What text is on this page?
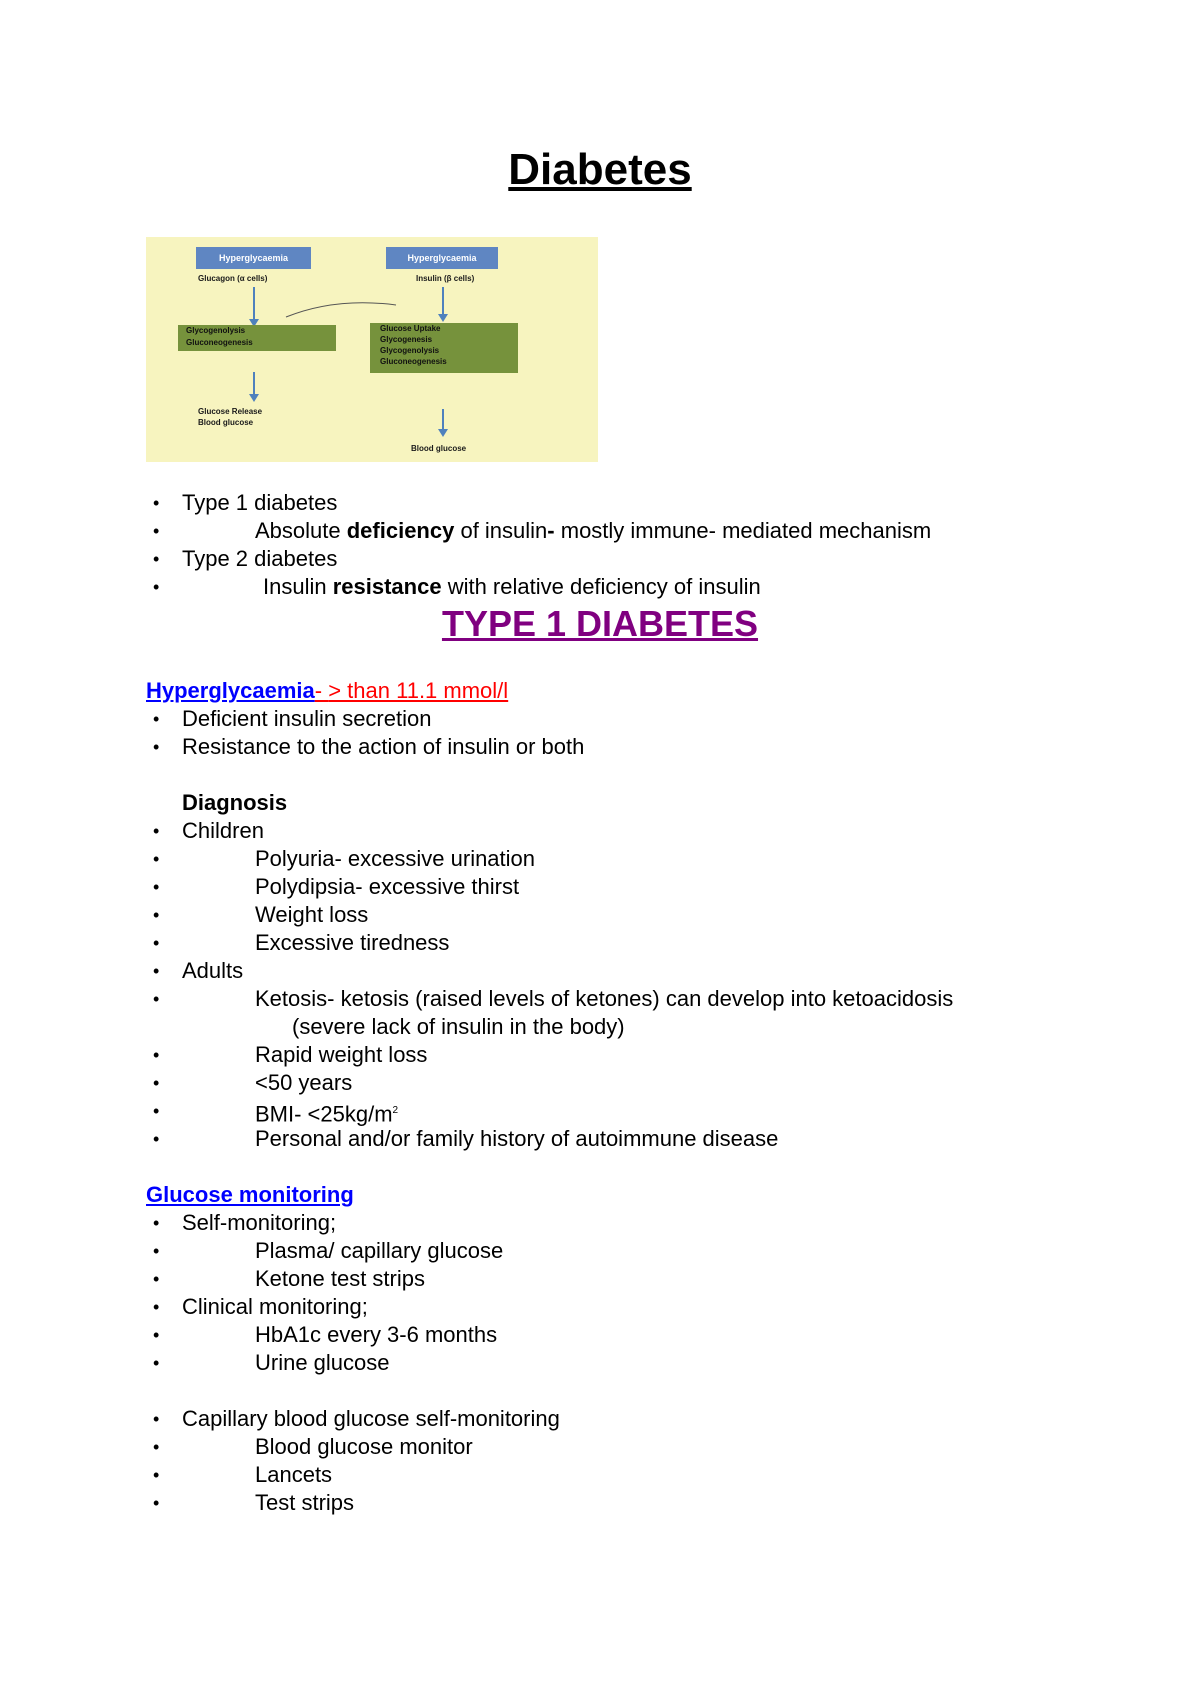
Diabetes
Hyperglycaemia
Glucagon (α cells)
Glycogenolysis
Gluconeogenesis
Glucose Release
Blood glucose
Hyperglycaemia
Insulin (β cells)
Glucose Uptake
Glycogenesis
Glycogenolysis
Gluconeogenesis
Blood glucose
• Type 1 diabetes
•	Absolute deficiency of insulin- mostly immune- mediated mechanism
• Type 2 diabetes
•	Insulin resistance with relative deficiency of insulin
TYPE 1 DIABETES
Hyperglycaemia- > than 11.1 mmol/l
• Deficient insulin secretion
• Resistance to the action of insulin or both
Diagnosis
• Children
•	Polyuria- excessive urination
•	Polydipsia- excessive thirst
•	Weight loss
•	Excessive tiredness
• Adults
•	Ketosis- ketosis (raised levels of ketones) can develop into ketoacidosis
(severe lack of insulin in the body)
•	Rapid weight loss
•	<50 years
•	$BMI- <25kg/m^2$
•	Personal and/or family history of autoimmune disease
Glucose monitoring
• Self-monitoring;
•	Plasma/ capillary glucose
•	Ketone test strips
• Clinical monitoring;
•	HbA1c every 3-6 months
•	Urine glucose
• Capillary blood glucose self-monitoring
•	Blood glucose monitor
•	Lancets
•	Test strips
